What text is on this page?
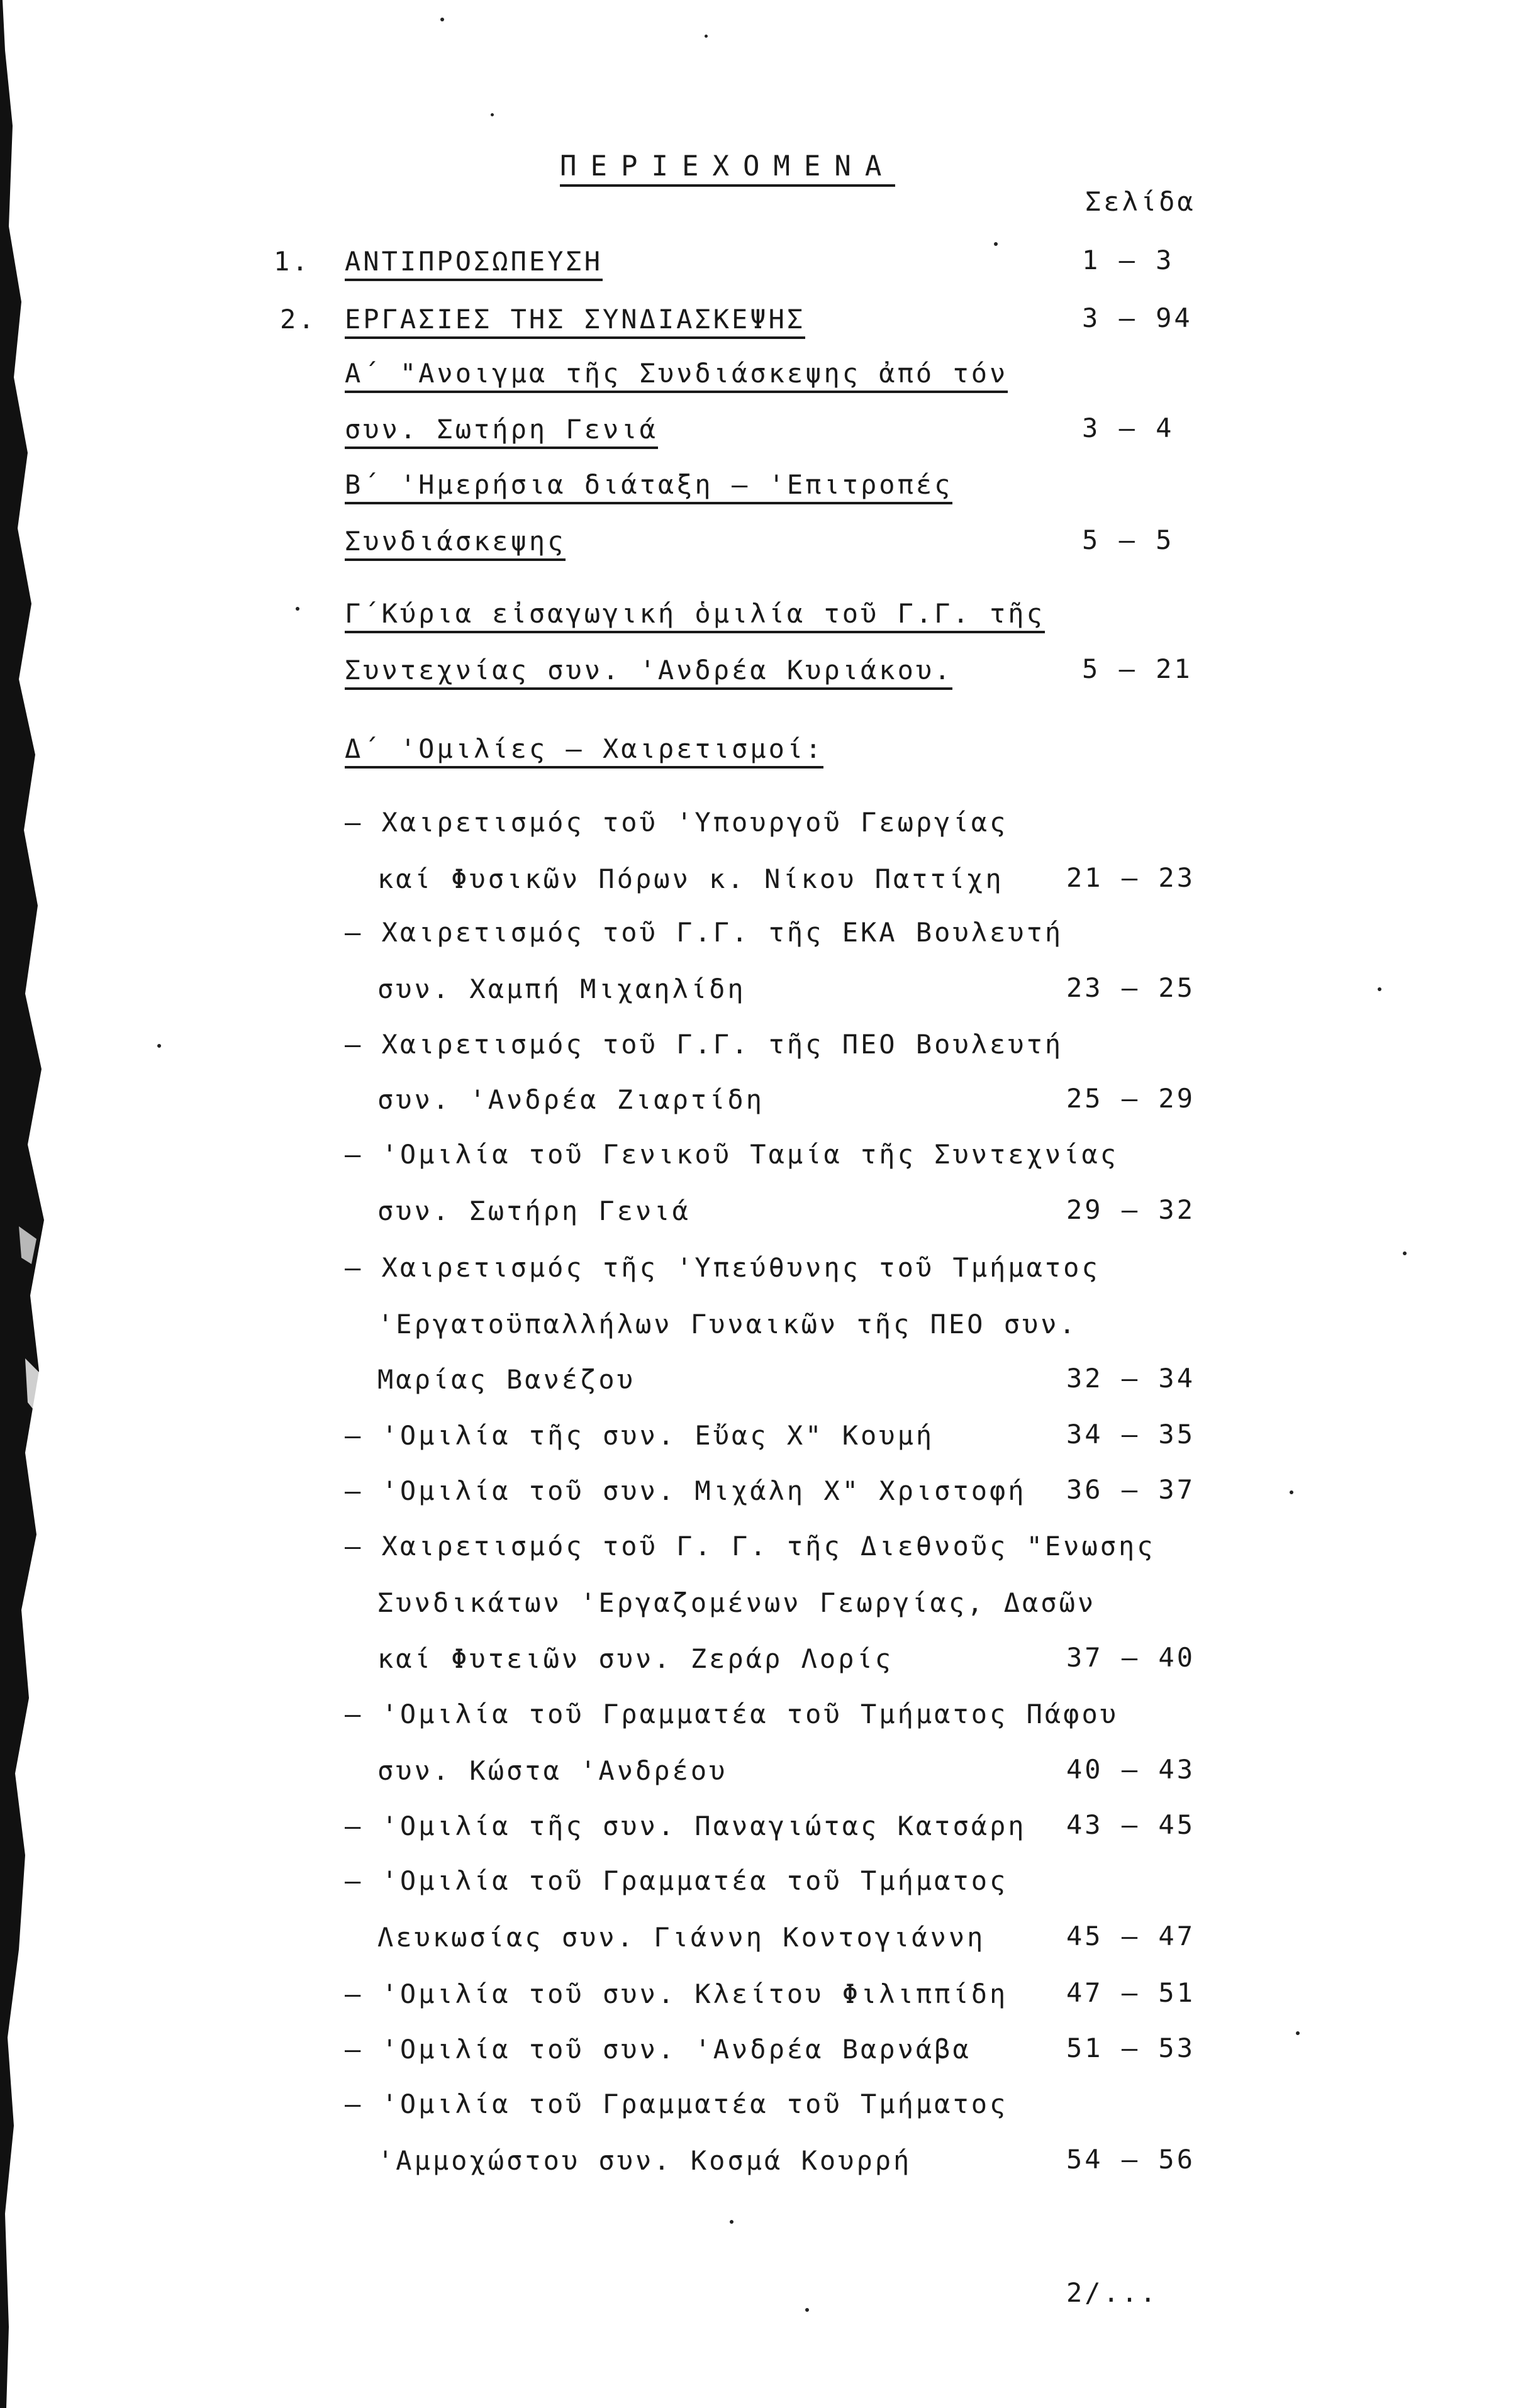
ΠΕΡΙΕΧΟΜΕΝΑ
Σελίδα
1. ΑΝΤΙΠΡΟΣΩΠΕΥΣΗ	1 – 3
2. ΕΡΓΑΣΙΕΣ ΤΗΣ ΣΥΝΔΙΑΣΚΕΨΗΣ	3 – 94
Α΄ "Ανοιγμα τῆς Συνδιάσκεψης ἀπό τόν
συν. Σωτήρη Γενιά	3 – 4
Β΄ 'Ημερήσια διάταξη – 'Επιτροπές
Συνδιάσκεψης	5 – 5
Γ΄Κύρια εἰσαγωγική ὁμιλία τοῦ Γ.Γ. τῆς
Συντεχνίας συν. 'Ανδρέα Κυριάκου.	5 – 21
Δ΄ 'Ομιλίες – Χαιρετισμοί:
– Χαιρετισμός τοῦ 'Υπουργοῦ Γεωργίας
καί Φυσικῶν Πόρων κ. Νίκου Παττίχη 21 – 23
– Χαιρετισμός τοῦ Γ.Γ. τῆς ΕΚΑ Βουλευτή
συν. Χαμπή Μιχαηλίδη	23 – 25
– Χαιρετισμός τοῦ Γ.Γ. τῆς ΠΕΟ Βουλευτή
συν. 'Ανδρέα Ζιαρτίδη	25 – 29
– 'Ομιλία τοῦ Γενικοῦ Ταμία τῆς Συντεχνίας
συν. Σωτήρη Γενιά	29 – 32
– Χαιρετισμός τῆς 'Υπεύθυνης τοῦ Τμήματος
'Εργατοϋπαλλήλων Γυναικῶν τῆς ΠΕΟ συν.
Μαρίας Βανέζου	32 – 34
– 'Ομιλία τῆς συν. Εὔας Χ" Κουμή	34 – 35
– 'Ομιλία τοῦ συν. Μιχάλη Χ" Χριστοφή 36 – 37
– Χαιρετισμός τοῦ Γ. Γ. τῆς Διεθνοῦς "Ενωσης
Συνδικάτων 'Εργαζομένων Γεωργίας, Δασῶν
καί Φυτειῶν συν. Ζεράρ Λορίς	37 – 40
– 'Ομιλία τοῦ Γραμματέα τοῦ Τμήματος Πάφου
συν. Κώστα 'Ανδρέου	40 – 43
– 'Ομιλία τῆς συν. Παναγιώτας Κατσάρη 43 – 45
– 'Ομιλία τοῦ Γραμματέα τοῦ Τμήματος
Λευκωσίας συν. Γιάννη Κοντογιάννη	45 – 47
– 'Ομιλία τοῦ συν. Κλείτου Φιλιππίδη 47 – 51
– 'Ομιλία τοῦ συν. 'Ανδρέα Βαρνάβα	51 – 53
– 'Ομιλία τοῦ Γραμματέα τοῦ Τμήματος
'Αμμοχώστου συν. Κοσμά Κουρρή	54 – 56
2/...
